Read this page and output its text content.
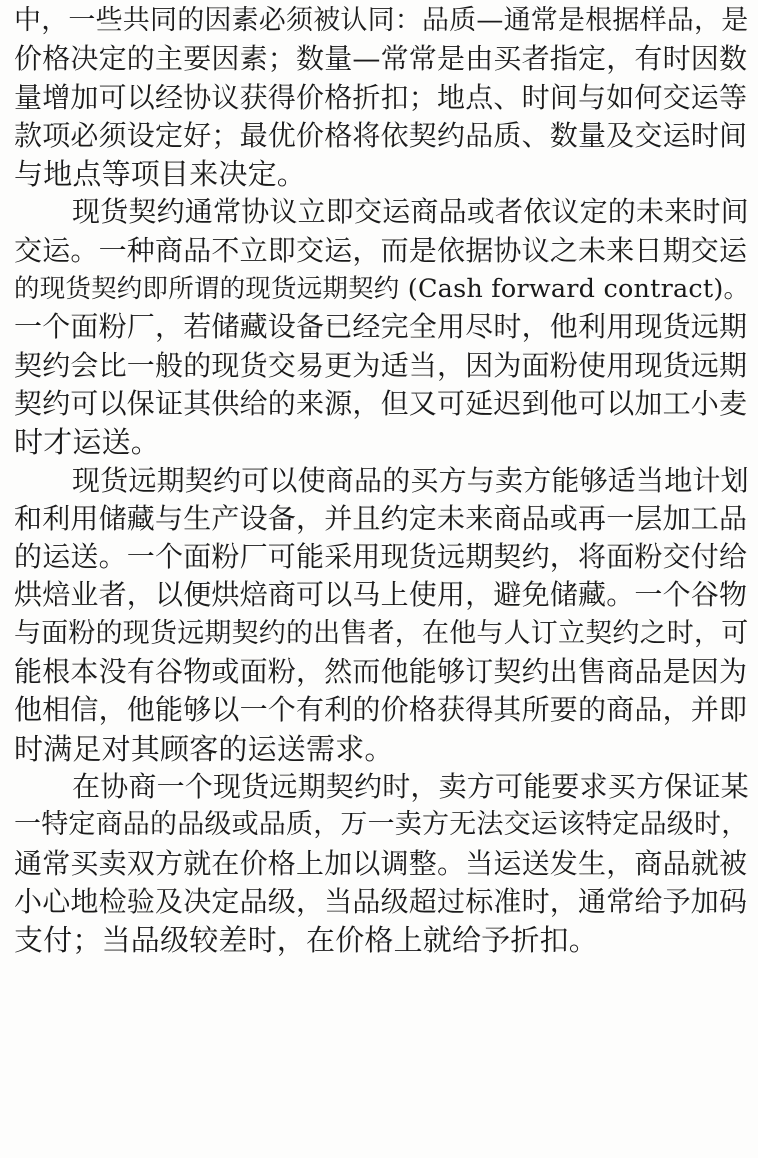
中，一些共同的因素必须被认同：品质—通常是根据样品，是
价格决定的主要因素；数量—常常是由买者指定，有时因数
量增加可以经协议获得价格折扣；地点、时间与如何交运等
款项必须设定好；最优价格将依契约品质、数量及交运时间
与地点等项目来决定。
现货契约通常协议立即交运商品或者依议定的未来时间
交运。一种商品不立即交运，而是依据协议之未来日期交运
的现货契约即所谓的现货远期契约 (Cash forward contract)。
一个面粉厂，若储藏设备已经完全用尽时，他利用现货远期
契约会比一般的现货交易更为适当，因为面粉使用现货远期
契约可以保证其供给的来源，但又可延迟到他可以加工小麦
时才运送。
现货远期契约可以使商品的买方与卖方能够适当地计划
和利用储藏与生产设备，并且约定未来商品或再一层加工品
的运送。一个面粉厂可能采用现货远期契约，将面粉交付给
烘焙业者，以便烘焙商可以马上使用，避免储藏。一个谷物
与面粉的现货远期契约的出售者，在他与人订立契约之时，可
能根本没有谷物或面粉，然而他能够订契约出售商品是因为
他相信，他能够以一个有利的价格获得其所要的商品，并即
时满足对其顾客的运送需求。
在协商一个现货远期契约时，卖方可能要求买方保证某
一特定商品的品级或品质，万一卖方无法交运该特定品级时，
通常买卖双方就在价格上加以调整。当运送发生，商品就被
小心地检验及决定品级，当品级超过标准时，通常给予加码
支付；当品级较差时，在价格上就给予折扣。
